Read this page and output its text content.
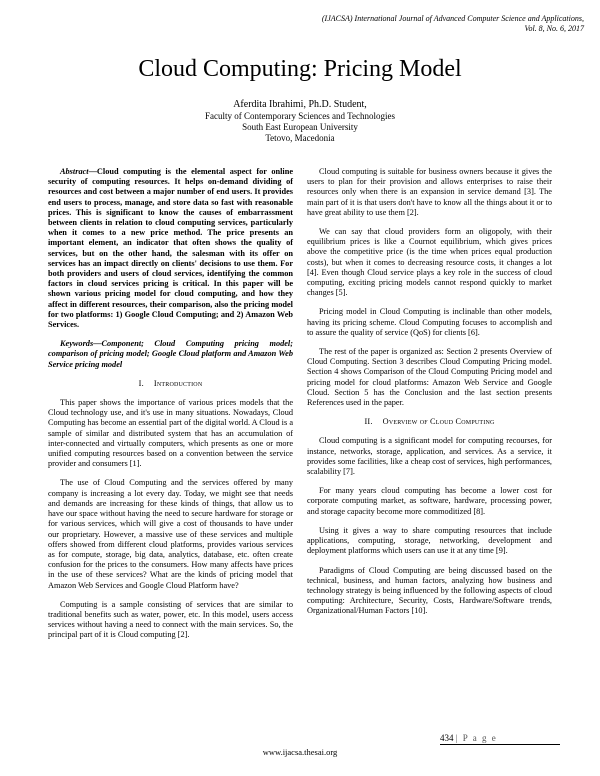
(IJACSA) International Journal of Advanced Computer Science and Applications,
Vol. 8, No. 6, 2017
Cloud Computing: Pricing Model
Aferdita Ibrahimi, Ph.D. Student,
Faculty of Contemporary Sciences and Technologies
South East European University
Tetovo, Macedonia

Abstract—Cloud computing is the elemental aspect for online security of computing resources. It helps on-demand dividing of resources and cost between a major number of end users. It provides end users to process, manage, and store data so fast with reasonable prices. This is significant to know the causes of embarrassment between clients in relation to cloud computing services, particularly when it comes to a new price method. The price presents an important element, an indicator that often shows the quality of services, but on the other hand, the salesman with its offer on services has an impact directly on clients' decisions to use them. For both providers and users of cloud services, identifying the common factors in cloud services pricing is critical. In this paper will be shown various pricing model for cloud computing, and how they affect in different resources, their comparison, also the pricing model for two platforms: 1) Google Cloud Computing; and 2) Amazon Web Services.

Keywords—Component; Cloud Computing pricing model; comparison of pricing model; Google Cloud platform and Amazon Web Service pricing model

I. Introduction

This paper shows the importance of various prices models that the Cloud technology use, and it's use in many situations. Nowadays, Cloud Computing has become an essential part of the digital world. A Cloud is a sample of similar and distributed system that has an accumulation of inter-connected and virtually computers, which presents as one or more unified computing resources based on a convention between the service provider and consumers [1].

The use of Cloud Computing and the services offered by many company is increasing a lot every day. Today, we might see that needs and demands are increasing for these kinds of things, that allow us to have our space without having the need to secure hardware for storage or for various services, which will give a cost of thousands to have under our proprietary. However, a massive use of these services and multiple offers showed from different cloud platforms, provides various services as for compute, storage, big data, analytics, database, etc. often create confusion for the prices to the consumers. How many affects have prices in the use of these services? What are the kinds of pricing model that Amazon Web Services and Google Cloud Platform have?

Computing is a sample consisting of services that are similar to traditional benefits such as water, power, etc. In this model, users access services without having a need to connect with the main services. So, the principal part of it is Cloud computing [2].

Cloud computing is suitable for business owners because it gives the users to plan for their provision and allows enterprises to raise their resources only when there is an expansion in service demand [3]. The main part of it is that users don't have to know all the things about it or to have great ability to use them [2].

We can say that cloud providers form an oligopoly, with their equilibrium prices is like a Cournot equilibrium, which gives prices above the competitive price (is the time when prices equal production costs), but when it comes to decreasing resource costs, it changes a lot [4]. Even though Cloud service plays a key role in the success of cloud computing, exciting pricing models cannot respond quickly to market changes [5].

Pricing model in Cloud Computing is inclinable than other models, having its pricing scheme. Cloud Computing focuses to accomplish and to assure the quality of service (QoS) for clients [6].

The rest of the paper is organized as: Section 2 presents Overview of Cloud Computing. Section 3 describes Cloud Computing Pricing model. Section 4 shows Comparison of the Cloud Computing Pricing model and pricing model for cloud platforms: Amazon Web Service and Google Cloud. Section 5 has the Conclusion and the last section presents References used in the paper.

II. Overview of Cloud Computing

Cloud computing is a significant model for computing recourses, for instance, networks, storage, application, and services. As a service, it provides some facilities, like a cheap cost of services, high performances, scalability [7].

For many years cloud computing has become a lower cost for corporate computing market, as software, hardware, processing power, and storage capacity become more commoditized [8].

Using it gives a way to share computing resources that include applications, computing, storage, networking, development and deployment platforms which users can use it at any time [9].

Paradigms of Cloud Computing are being discussed based on the technical, business, and human factors, analyzing how business and technology strategy is being influenced by the following aspects of cloud computing: Architecture, Security, Costs, Hardware/Software trends, Organizational/Human Factors [10].

434 | P a g e
www.ijacsa.thesai.org
